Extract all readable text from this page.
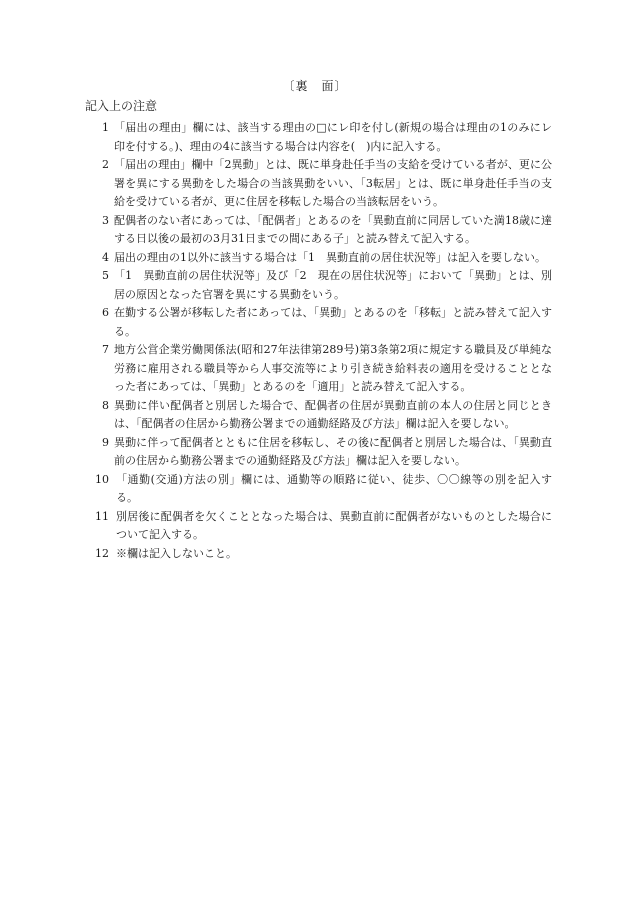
〔裏　面〕
記入上の注意
1 「届出の理由」欄には、該当する理由の□にレ印を付し(新規の場合は理由の1のみにレ印を付する。)、理由の4に該当する場合は内容を(　)内に記入する。
2 「届出の理由」欄中「2異動」とは、既に単身赴任手当の支給を受けている者が、更に公署を異にする異動をした場合の当該異動をいい、「3転居」とは、既に単身赴任手当の支給を受けている者が、更に住居を移転した場合の当該転居をいう。
3 配偶者のない者にあっては、「配偶者」とあるのを「異動直前に同居していた満18歳に達する日以後の最初の3月31日までの間にある子」と読み替えて記入する。
4 届出の理由の1以外に該当する場合は「1　異動直前の居住状況等」は記入を要しない。
5 「1　異動直前の居住状況等」及び「2　現在の居住状況等」において「異動」とは、別居の原因となった官署を異にする異動をいう。
6 在勤する公署が移転した者にあっては、「異動」とあるのを「移転」と読み替えて記入する。
7 地方公営企業労働関係法(昭和27年法律第289号)第3条第2項に規定する職員及び単純な労務に雇用される職員等から人事交流等により引き続き給料表の適用を受けることとなった者にあっては、「異動」とあるのを「適用」と読み替えて記入する。
8 異動に伴い配偶者と別居した場合で、配偶者の住居が異動直前の本人の住居と同じときは、「配偶者の住居から勤務公署までの通勤経路及び方法」欄は記入を要しない。
9 異動に伴って配偶者とともに住居を移転し、その後に配偶者と別居した場合は、「異動直前の住居から勤務公署までの通勤経路及び方法」欄は記入を要しない。
10 「通勤(交通)方法の別」欄には、通勤等の順路に従い、徒歩、〇〇線等の別を記入する。
11 別居後に配偶者を欠くこととなった場合は、異動直前に配偶者がないものとした場合について記入する。
12 ※欄は記入しないこと。
